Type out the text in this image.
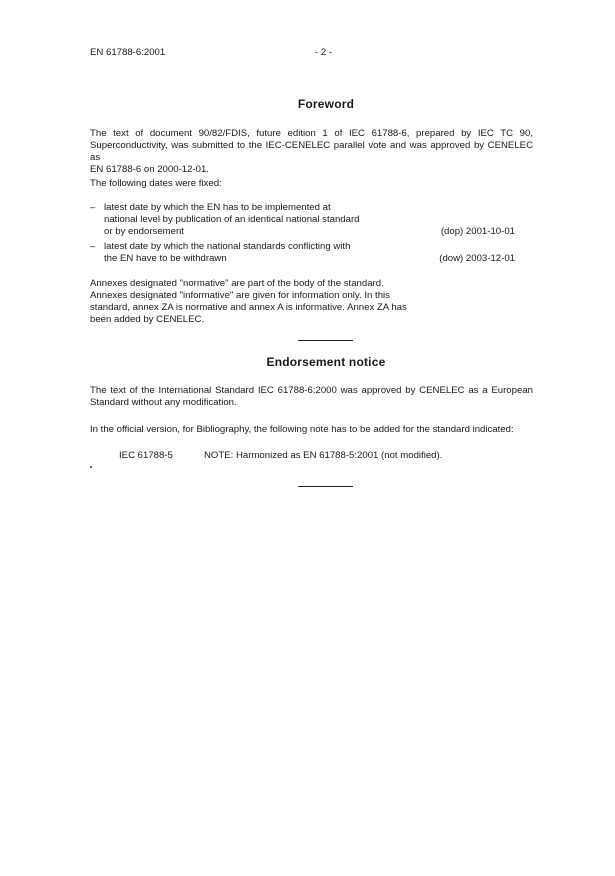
EN 61788-6:2001	- 2 -
Foreword
The text of document 90/82/FDIS, future edition 1 of IEC 61788-6, prepared by IEC TC 90,
Superconductivity, was submitted to the IEC-CENELEC parallel vote and was approved by CENELEC as
EN 61788-6 on 2000-12-01.
The following dates were fixed:
– latest date by which the EN has to be implemented at national level by publication of an identical national standard or by endorsement	(dop) 2001-10-01
– latest date by which the national standards conflicting with the EN have to be withdrawn	(dow) 2003-12-01
Annexes designated "normative" are part of the body of the standard. Annexes designated "informative" are given for information only. In this standard, annex ZA is normative and annex A is informative. Annex ZA has been added by CENELEC.
Endorsement notice
The text of the International Standard IEC 61788-6:2000 was approved by CENELEC as a European
Standard without any modification.
In the official version, for Bibliography, the following note has to be added for the standard indicated:
IEC 61788-5	NOTE: Harmonized as EN 61788-5:2001 (not modified).
